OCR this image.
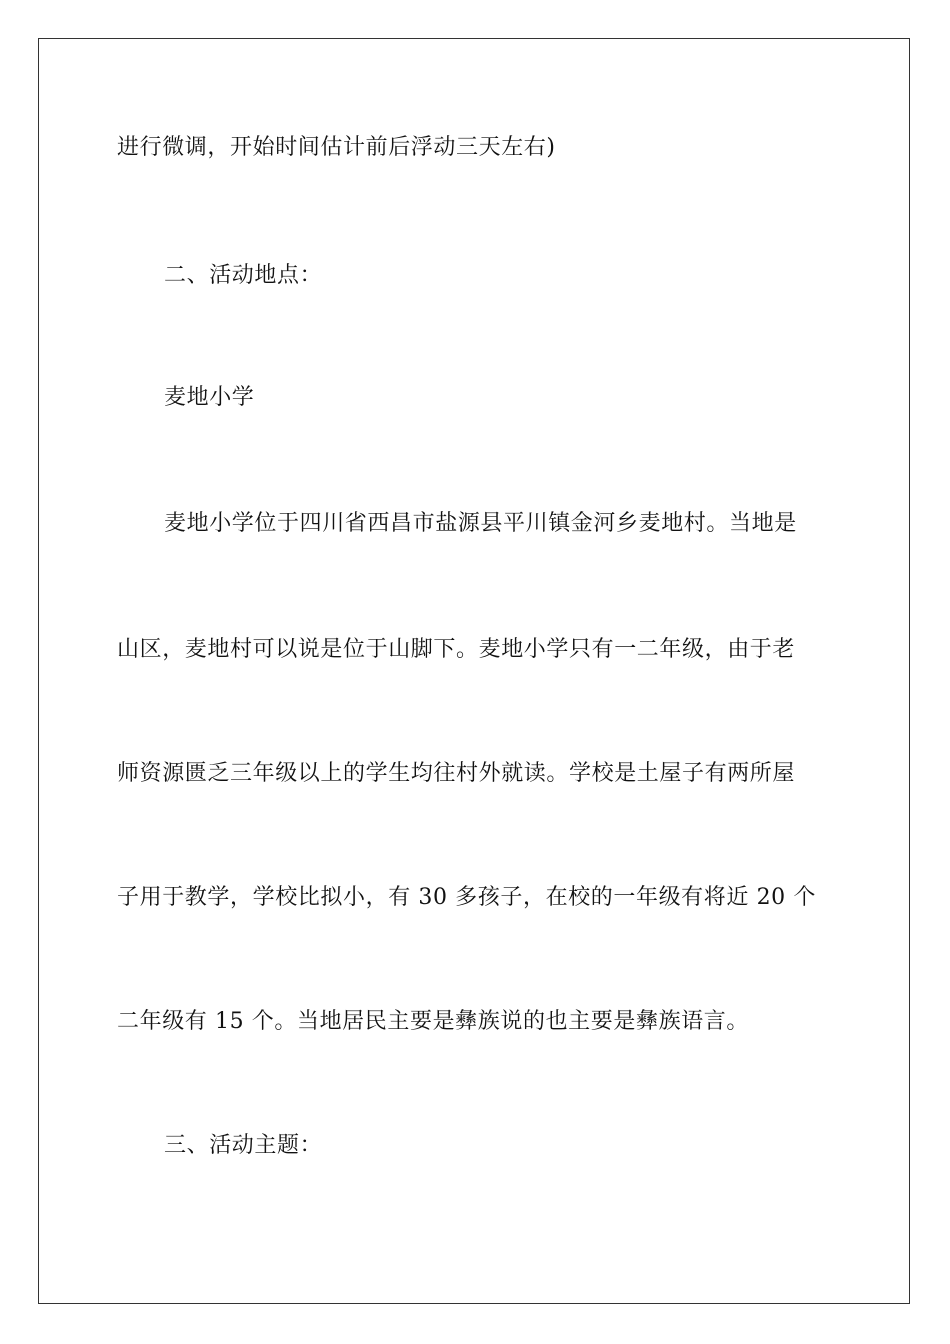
进行微调，开始时间估计前后浮动三天左右)
二、活动地点：
麦地小学
麦地小学位于四川省西昌市盐源县平川镇金河乡麦地村。当地是
山区，麦地村可以说是位于山脚下。麦地小学只有一二年级，由于老
师资源匮乏三年级以上的学生均往村外就读。学校是土屋子有两所屋
子用于教学，学校比拟小，有 30 多孩子，在校的一年级有将近 20 个
二年级有 15 个。当地居民主要是彝族说的也主要是彝族语言。
三、活动主题：
